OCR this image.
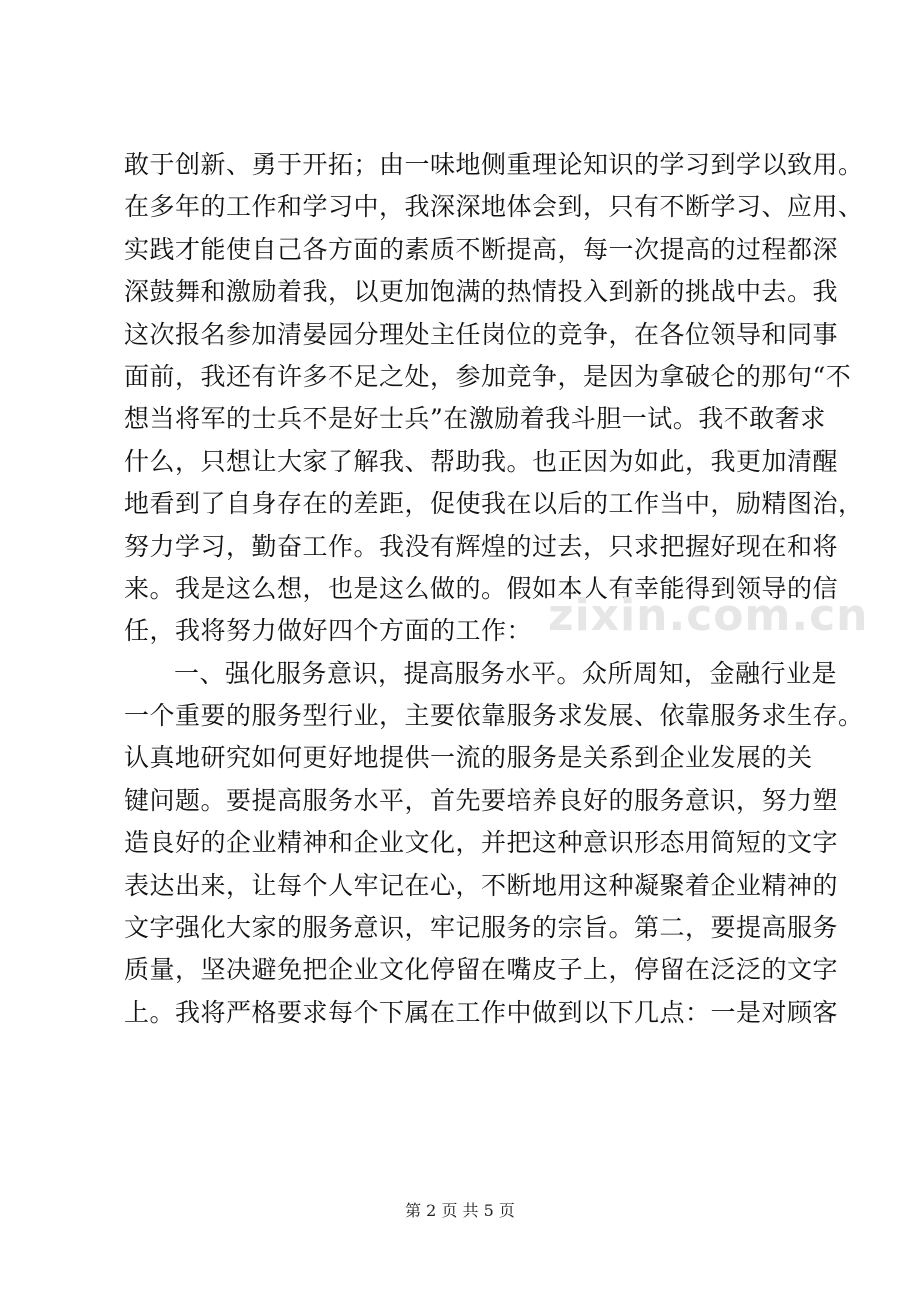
敢于创新、勇于开拓；由一味地侧重理论知识的学习到学以致用。
在多年的工作和学习中，我深深地体会到，只有不断学习、应用、
实践才能使自己各方面的素质不断提高，每一次提高的过程都深
深鼓舞和激励着我，以更加饱满的热情投入到新的挑战中去。我
这次报名参加清晏园分理处主任岗位的竞争，在各位领导和同事
面前，我还有许多不足之处，参加竞争，是因为拿破仑的那句“不
想当将军的士兵不是好士兵”在激励着我斗胆一试。我不敢奢求
什么，只想让大家了解我、帮助我。也正因为如此，我更加清醒
地看到了自身存在的差距，促使我在以后的工作当中，励精图治，
努力学习，勤奋工作。我没有辉煌的过去，只求把握好现在和将
来。我是这么想，也是这么做的。假如本人有幸能得到领导的信
任，我将努力做好四个方面的工作：
一、强化服务意识，提高服务水平。众所周知，金融行业是
一个重要的服务型行业，主要依靠服务求发展、依靠服务求生存。
认真地研究如何更好地提供一流的服务是关系到企业发展的关
键问题。要提高服务水平，首先要培养良好的服务意识，努力塑
造良好的企业精神和企业文化，并把这种意识形态用简短的文字
表达出来，让每个人牢记在心，不断地用这种凝聚着企业精神的
文字强化大家的服务意识，牢记服务的宗旨。第二，要提高服务
质量，坚决避免把企业文化停留在嘴皮子上，停留在泛泛的文字
上。我将严格要求每个下属在工作中做到以下几点：一是对顾客
zixin.com.cn
第 2 页 共 5 页
